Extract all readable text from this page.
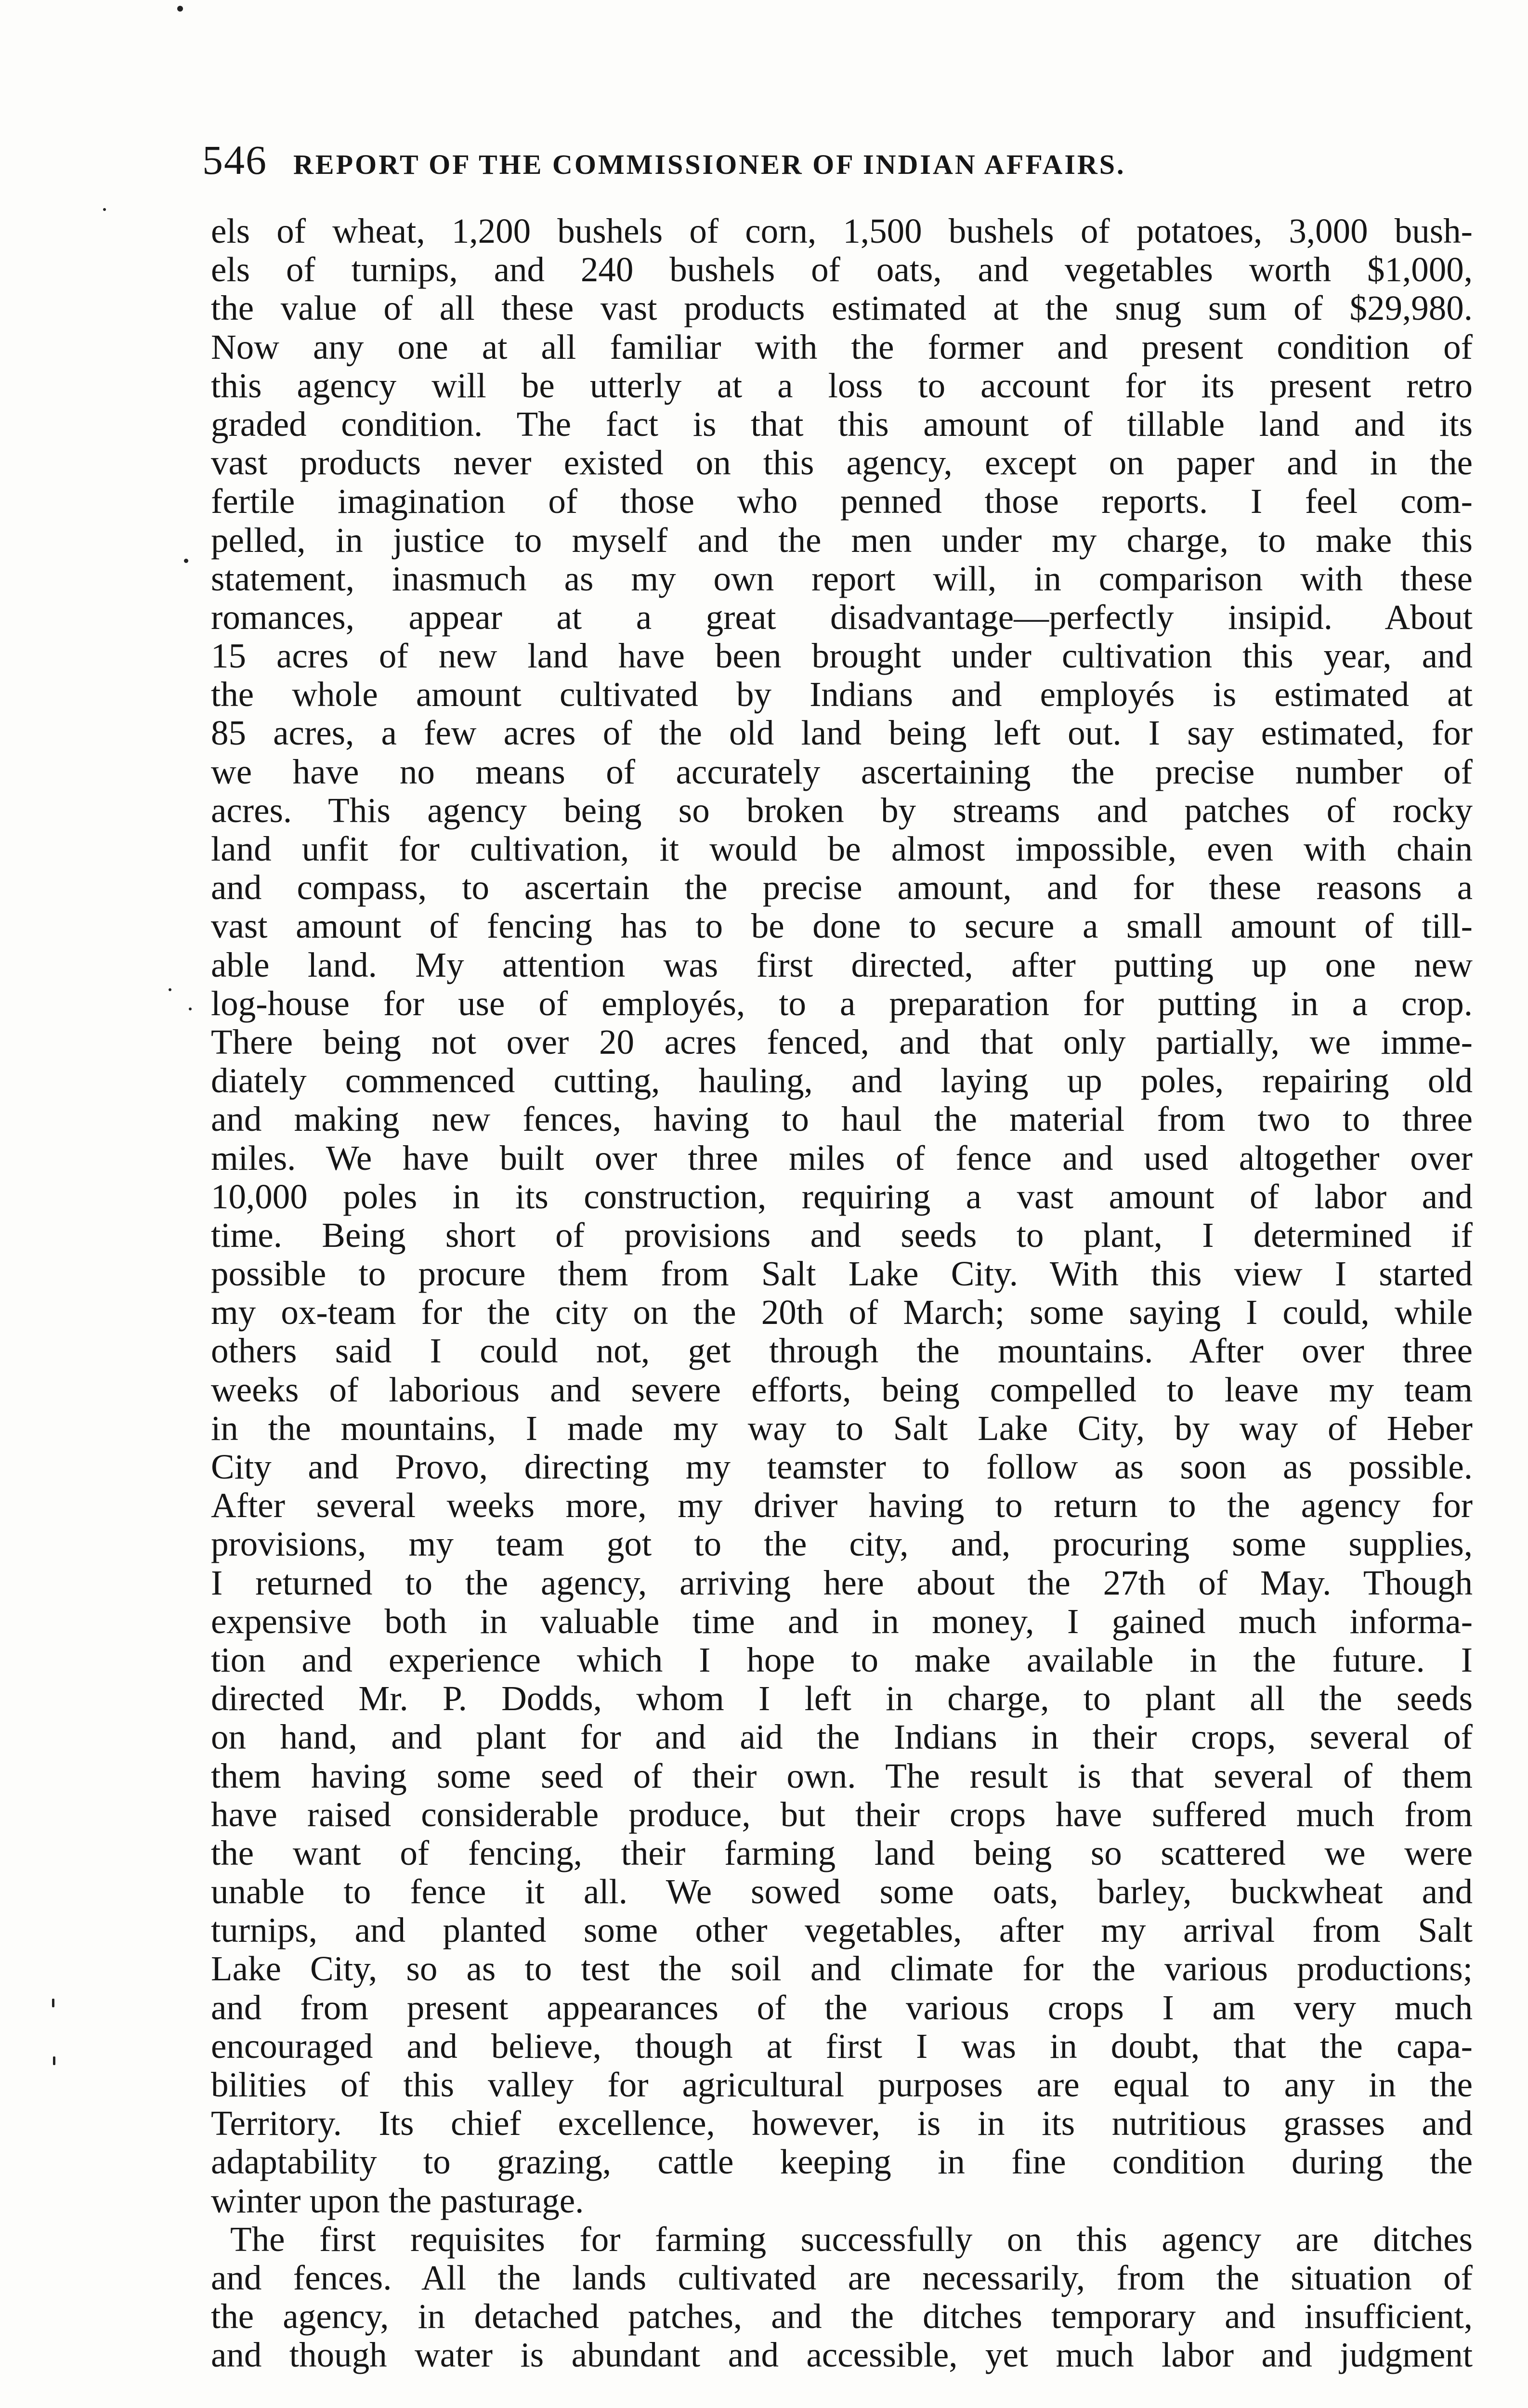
546 REPORT OF THE COMMISSIONER OF INDIAN AFFAIRS.
els of wheat, 1,200 bushels of corn, 1,500 bushels of potatoes, 3,000 bush-
els of turnips, and 240 bushels of oats, and vegetables worth $1,000,
the value of all these vast products estimated at the snug sum of $29,980.
Now any one at all familiar with the former and present condition of
this agency will be utterly at a loss to account for its present retro
graded condition. The fact is that this amount of tillable land and its
vast products never existed on this agency, except on paper and in the
fertile imagination of those who penned those reports. I feel com-
pelled, in justice to myself and the men under my charge, to make this
statement, inasmuch as my own report will, in comparison with these
romances, appear at a great disadvantage—perfectly insipid. About
15 acres of new land have been brought under cultivation this year, and
the whole amount cultivated by Indians and employés is estimated at
85 acres, a few acres of the old land being left out. I say estimated, for
we have no means of accurately ascertaining the precise number of
acres. This agency being so broken by streams and patches of rocky
land unfit for cultivation, it would be almost impossible, even with chain
and compass, to ascertain the precise amount, and for these reasons a
vast amount of fencing has to be done to secure a small amount of till-
able land. My attention was first directed, after putting up one new
log-house for use of employés, to a preparation for putting in a crop.
There being not over 20 acres fenced, and that only partially, we imme-
diately commenced cutting, hauling, and laying up poles, repairing old
and making new fences, having to haul the material from two to three
miles. We have built over three miles of fence and used altogether over
10,000 poles in its construction, requiring a vast amount of labor and
time. Being short of provisions and seeds to plant, I determined if
possible to procure them from Salt Lake City. With this view I started
my ox-team for the city on the 20th of March; some saying I could, while
others said I could not, get through the mountains. After over three
weeks of laborious and severe efforts, being compelled to leave my team
in the mountains, I made my way to Salt Lake City, by way of Heber
City and Provo, directing my teamster to follow as soon as possible.
After several weeks more, my driver having to return to the agency for
provisions, my team got to the city, and, procuring some supplies,
I returned to the agency, arriving here about the 27th of May. Though
expensive both in valuable time and in money, I gained much informa-
tion and experience which I hope to make available in the future. I
directed Mr. P. Dodds, whom I left in charge, to plant all the seeds
on hand, and plant for and aid the Indians in their crops, several of
them having some seed of their own. The result is that several of them
have raised considerable produce, but their crops have suffered much from
the want of fencing, their farming land being so scattered we were
unable to fence it all. We sowed some oats, barley, buckwheat and
turnips, and planted some other vegetables, after my arrival from Salt
Lake City, so as to test the soil and climate for the various productions;
and from present appearances of the various crops I am very much
encouraged and believe, though at first I was in doubt, that the capa-
bilities of this valley for agricultural purposes are equal to any in the
Territory. Its chief excellence, however, is in its nutritious grasses and
adaptability to grazing, cattle keeping in fine condition during the
winter upon the pasturage.
The first requisites for farming successfully on this agency are ditches
and fences. All the lands cultivated are necessarily, from the situation of
the agency, in detached patches, and the ditches temporary and insufficient,
and though water is abundant and accessible, yet much labor and judgment
